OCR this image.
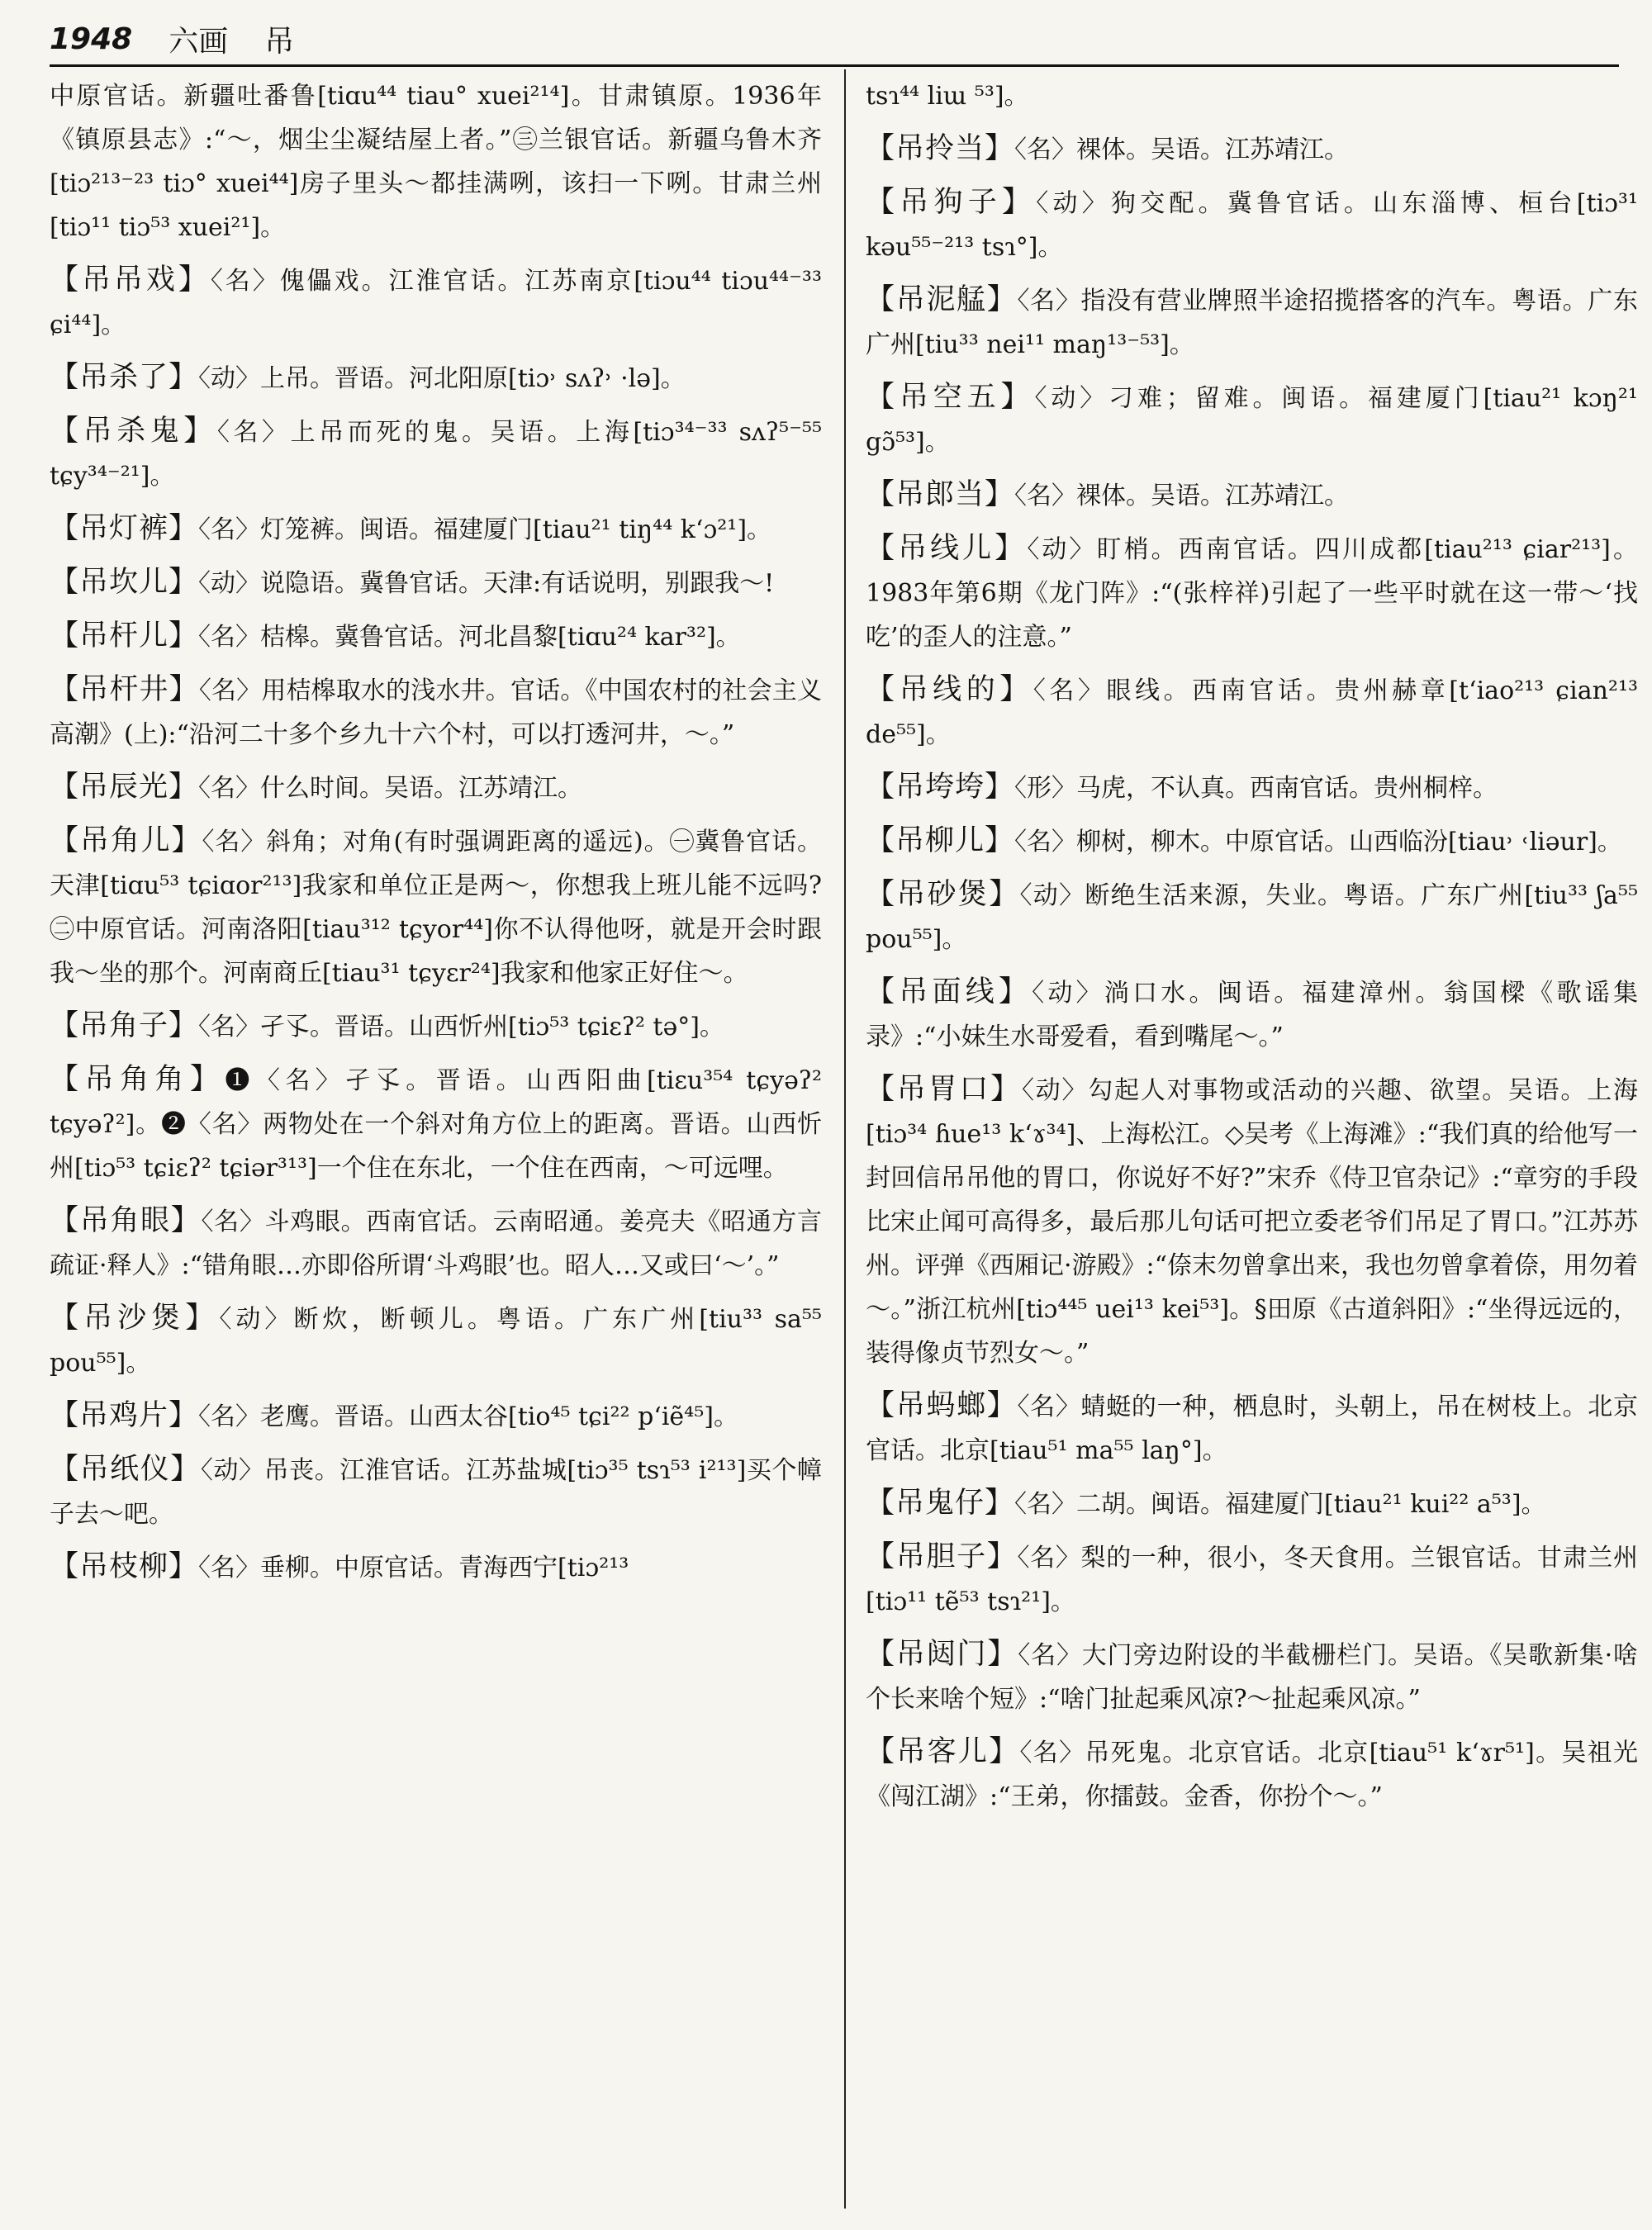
1948 六画 吊
中原官话。新疆吐番鲁[tiɑu⁴⁴ tiau° xuei²¹⁴]。甘肃镇原。1936年《镇原县志》:“～，烟尘尘凝结屋上者。”㊂兰银官话。新疆乌鲁木齐[tiɔ²¹³⁻²³ tiɔ° xuei⁴⁴]房子里头～都挂满咧，该扫一下咧。甘肃兰州[tiɔ¹¹ tiɔ⁵³ xuei²¹]。
【吊吊戏】〈名〉傀儡戏。江淮官话。江苏南京[tiɔu⁴⁴ tiɔu⁴⁴⁻³³ ɕi⁴⁴]。
【吊杀了】〈动〉上吊。晋语。河北阳原[tiɔ˒ sʌʔ˒ ·lə]。
【吊杀鬼】〈名〉上吊而死的鬼。吴语。上海[tiɔ³⁴⁻³³ sʌʔ⁵⁻⁵⁵ tɕy³⁴⁻²¹]。
【吊灯裤】〈名〉灯笼裤。闽语。福建厦门[tiau²¹ tiŋ⁴⁴ kʻɔ²¹]。
【吊坎儿】〈动〉说隐语。冀鲁官话。天津:有话说明，别跟我～!
【吊杆儿】〈名〉桔槔。冀鲁官话。河北昌黎[tiɑu²⁴ kar³²]。
【吊杆井】〈名〉用桔槔取水的浅水井。官话。《中国农村的社会主义高潮》(上):“沿河二十多个乡九十六个村，可以打透河井，～。”
【吊辰光】〈名〉什么时间。吴语。江苏靖江。
【吊角儿】〈名〉斜角；对角(有时强调距离的遥远)。㊀冀鲁官话。天津[tiɑu⁵³ tɕiɑor²¹³]我家和单位正是两～，你想我上班儿能不远吗?㊁中原官话。河南洛阳[tiau³¹² tɕyor⁴⁴]你不认得他呀，就是开会时跟我～坐的那个。河南商丘[tiau³¹ tɕyɛr²⁴]我家和他家正好住～。
【吊角子】〈名〉孑孓。晋语。山西忻州[tiɔ⁵³ tɕiɛʔ² tə°]。
【吊角角】❶〈名〉孑孓。晋语。山西阳曲[tiɛu³⁵⁴ tɕyəʔ² tɕyəʔ²]。❷〈名〉两物处在一个斜对角方位上的距离。晋语。山西忻州[tiɔ⁵³ tɕiɛʔ² tɕiər³¹³]一个住在东北，一个住在西南，～可远哩。
【吊角眼】〈名〉斗鸡眼。西南官话。云南昭通。姜亮夫《昭通方言疏证·释人》:“错角眼…亦即俗所谓‘斗鸡眼’也。昭人…又或曰‘～’。”
【吊沙煲】〈动〉断炊，断顿儿。粤语。广东广州[tiu³³ sa⁵⁵ pou⁵⁵]。
【吊鸡片】〈名〉老鹰。晋语。山西太谷[tio⁴⁵ tɕi²² pʻiẽ⁴⁵]。
【吊纸仪】〈动〉吊丧。江淮官话。江苏盐城[tiɔ³⁵ tsɿ⁵³ i²¹³]买个幛子去～吧。
【吊枝柳】〈名〉垂柳。中原官话。青海西宁[tiɔ²¹³
tsɿ⁴⁴ liɯ ⁵³]。
【吊拎当】〈名〉裸体。吴语。江苏靖江。
【吊狗子】〈动〉狗交配。冀鲁官话。山东淄博、桓台[tiɔ³¹ kəu⁵⁵⁻²¹³ tsɿ°]。
【吊泥艋】〈名〉指没有营业牌照半途招揽搭客的汽车。粤语。广东广州[tiu³³ nei¹¹ maŋ¹³⁻⁵³]。
【吊空五】〈动〉刁难；留难。闽语。福建厦门[tiau²¹ kɔŋ²¹ gɔ̃⁵³]。
【吊郎当】〈名〉裸体。吴语。江苏靖江。
【吊线儿】〈动〉盯梢。西南官话。四川成都[tiau²¹³ ɕiar²¹³]。1983年第6期《龙门阵》:“(张梓祥)引起了一些平时就在这一带～‘找吃’的歪人的注意。”
【吊线的】〈名〉眼线。西南官话。贵州赫章[tʻiao²¹³ ɕian²¹³ de⁵⁵]。
【吊垮垮】〈形〉马虎，不认真。西南官话。贵州桐梓。
【吊柳儿】〈名〉柳树，柳木。中原官话。山西临汾[tiau˒ ˓liəur]。
【吊砂煲】〈动〉断绝生活来源，失业。粤语。广东广州[tiu³³ ʃa⁵⁵ pou⁵⁵]。
【吊面线】〈动〉淌口水。闽语。福建漳州。翁国樑《歌谣集录》:“小妹生水哥爱看，看到嘴尾～。”
【吊胃口】〈动〉勾起人对事物或活动的兴趣、欲望。吴语。上海[tiɔ³⁴ ɦue¹³ kʻɤ³⁴]、上海松江。◇吴考《上海滩》:“我们真的给他写一封回信吊吊他的胃口，你说好不好?”宋乔《侍卫官杂记》:“章穷的手段比宋止闻可高得多，最后那儿句话可把立委老爷们吊足了胃口。”江苏苏州。评弹《西厢记·游殿》:“倷末勿曾拿出来，我也勿曾拿着倷，用勿着～。”浙江杭州[tiɔ⁴⁴⁵ uei¹³ kei⁵³]。§田原《古道斜阳》:“坐得远远的，装得像贞节烈女～。”
【吊蚂螂】〈名〉蜻蜓的一种，栖息时，头朝上，吊在树枝上。北京官话。北京[tiau⁵¹ ma⁵⁵ laŋ°]。
【吊鬼仔】〈名〉二胡。闽语。福建厦门[tiau²¹ kui²² a⁵³]。
【吊胆子】〈名〉梨的一种，很小，冬天食用。兰银官话。甘肃兰州[tiɔ¹¹ tẽ⁵³ tsɿ²¹]。
【吊闼门】〈名〉大门旁边附设的半截栅栏门。吴语。《吴歌新集·啥个长来啥个短》:“啥门扯起乘风凉?～扯起乘风凉。”
【吊客儿】〈名〉吊死鬼。北京官话。北京[tiau⁵¹ kʻɤr⁵¹]。吴祖光《闯江湖》:“王弟，你擂鼓。金香，你扮个～。”
